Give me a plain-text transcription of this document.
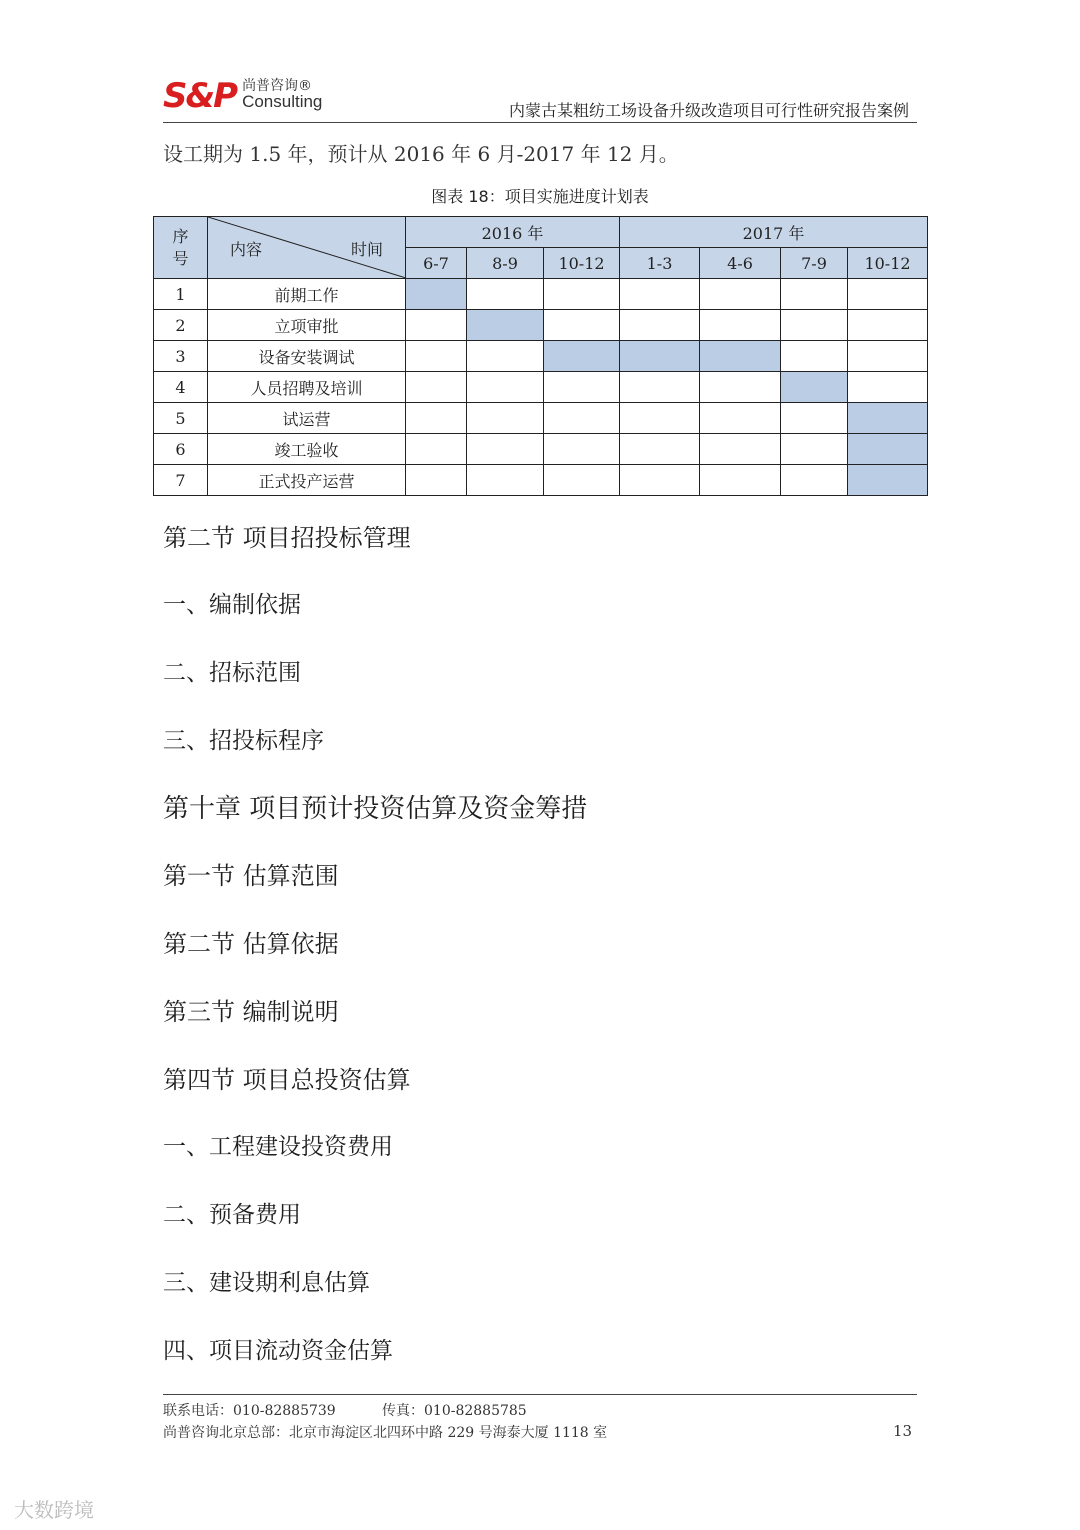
S&P 尚普咨询®
Consulting	内蒙古某粗纺工场设备升级改造项目可行性研究报告案例
设工期为 1.5 年，预计从 2016 年 6 月-2017 年 12 月。
图表 18：项目实施进度计划表
序
号	内容 时间	2016 年			2017 年			
		6-7	8-9	10-12	1-3	4-6	7-9	10-12
1	前期工作							
2	立项审批							
3	设备安装调试							
4	人员招聘及培训							
5	试运营							
6	竣工验收							
7	正式投产运营							
第二节 项目招投标管理
一、编制依据
二、招标范围
三、招投标程序
第十章 项目预计投资估算及资金筹措
第一节 估算范围
第二节 估算依据
第三节 编制说明
第四节 项目总投资估算
一、工程建设投资费用
二、预备费用
三、建设期利息估算
四、项目流动资金估算
联系电话：010-82885739	传真：010-82885785
尚普咨询北京总部：北京市海淀区北四环中路 229 号海泰大厦 1118 室	13
大数跨境
